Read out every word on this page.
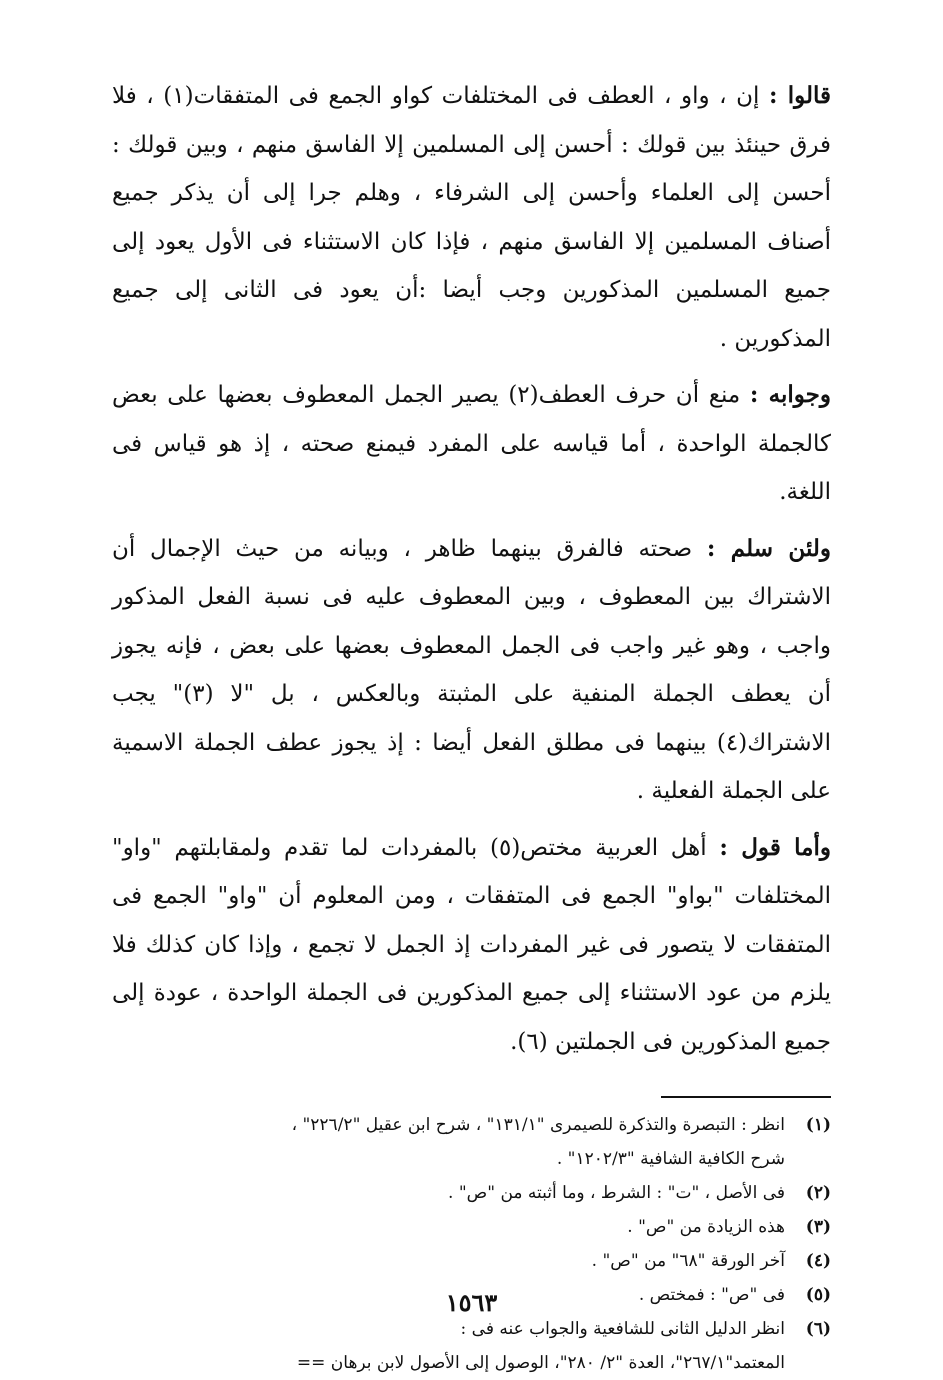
قالوا : إن ، واو ، العطف فى المختلفات كواو الجمع فى المتفقات(١) ، فلا فرق حينئذ بين قولك : أحسن إلى المسلمين إلا الفاسق منهم ، وبين قولك : أحسن إلى العلماء وأحسن إلى الشرفاء ، وهلم جرا إلى أن يذكر جميع أصناف المسلمين إلا الفاسق منهم ، فإذا كان الاستثناء فى الأول يعود إلى جميع المسلمين المذكورين وجب أيضا :أن يعود فى الثانى إلى جميع المذكورين .

وجوابه : منع أن حرف العطف(٢) يصير الجمل المعطوف بعضها على بعض كالجملة الواحدة ، أما قياسه على المفرد فيمنع صحته ، إذ هو قياس فى اللغة.

ولئن سلم : صحته فالفرق بينهما ظاهر ، وبيانه من حيث الإجمال أن الاشتراك بين المعطوف ، وبين المعطوف عليه فى نسبة الفعل المذكور واجب ، وهو غير واجب فى الجمل المعطوف بعضها على بعض ، فإنه يجوز أن يعطف الجملة المنفية على المثبتة وبالعكس ، بل "لا (٣)" يجب الاشتراك(٤) بينهما فى مطلق الفعل أيضا : إذ يجوز عطف الجملة الاسمية على الجملة الفعلية .

وأما قول : أهل العربية مختص(٥) بالمفردات لما تقدم ولمقابلتهم "واو" المختلفات "بواو" الجمع فى المتفقات ، ومن المعلوم أن "واو" الجمع فى المتفقات لا يتصور فى غير المفردات إذ الجمل لا تجمع ، وإذا كان كذلك فلا يلزم من عود الاستثناء إلى جميع المذكورين فى الجملة الواحدة ، عودة إلى جميع المذكورين فى الجملتين (٦).

(١)
انظر : التبصرة والتذكرة للصيمرى "١٣١/١" ، شرح ابن عقيل "٢٢٦/٢" ،
شرح الكافية الشافية "١٢٠٢/٣" .
(٢)
فى الأصل ، "ت" : الشرط ، وما أثبته من "ص" .
(٣)
هذه الزيادة من "ص" .
(٤)
آخر الورقة "٦٨" من "ص" .
(٥)
فى "ص" : فمختص .
(٦)
انظر الدليل الثانى للشافعية والجواب عنه فى :
المعتمد"٢٦٧/١"، العدة "٢/ ٢٨٠"، الوصول إلى الأصول لابن برهان ==
١٥٦٣
